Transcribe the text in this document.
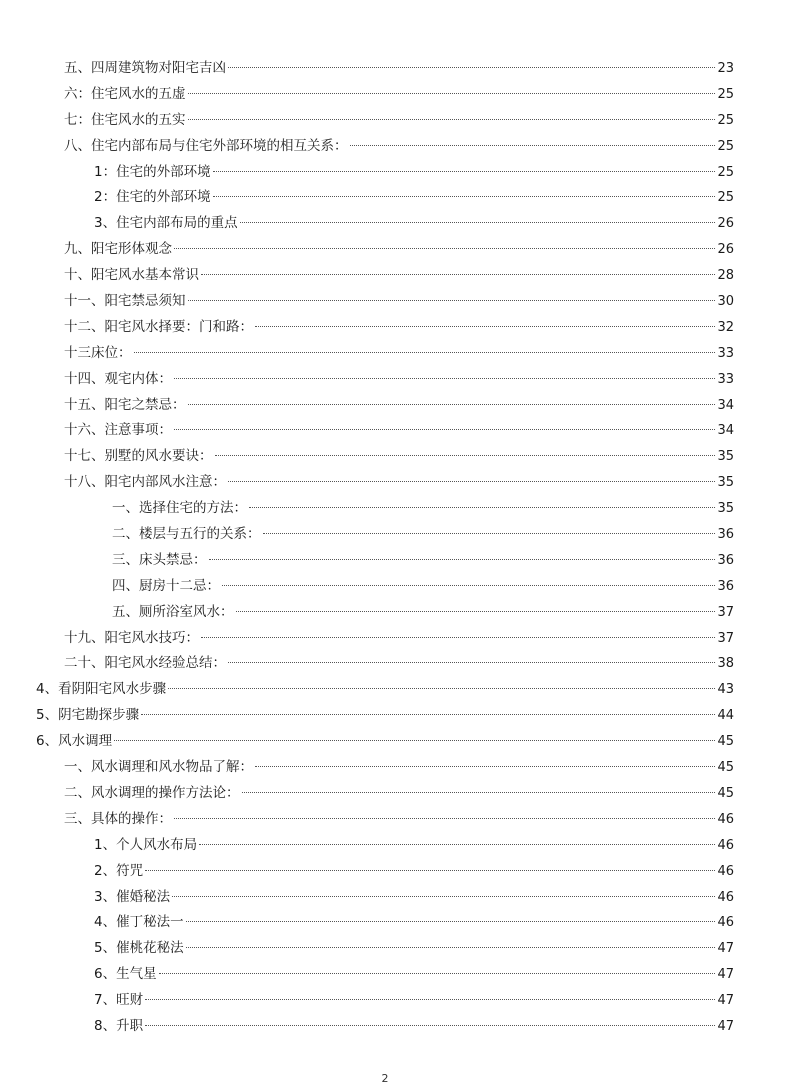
五、四周建筑物对阳宅吉凶	23
六：住宅风水的五虚	25
七：住宅风水的五实	25
八、住宅内部布局与住宅外部环境的相互关系：	25
1：住宅的外部环境	25
2：住宅的外部环境	25
3、住宅内部布局的重点	26
九、阳宅形体观念	26
十、阳宅风水基本常识	28
十一、阳宅禁忌须知	30
十二、阳宅风水择要：门和路：	32
十三床位：	33
十四、观宅内体：	33
十五、阳宅之禁忌：	34
十六、注意事项：	34
十七、别墅的风水要诀：	35
十八、阳宅内部风水注意：	35
一、选择住宅的方法：	35
二、楼层与五行的关系：	36
三、床头禁忌：	36
四、厨房十二忌：	36
五、厕所浴室风水：	37
十九、阳宅风水技巧：	37
二十、阳宅风水经验总结：	38
4、看阴阳宅风水步骤	43
5、阴宅勘探步骤	44
6、风水调理	45
一、风水调理和风水物品了解：	45
二、风水调理的操作方法论：	45
三、具体的操作：	46
1、个人风水布局	46
2、符咒	46
3、催婚秘法	46
4、催丁秘法一	46
5、催桃花秘法	47
6、生气星	47
7、旺财	47
8、升职	47
2
